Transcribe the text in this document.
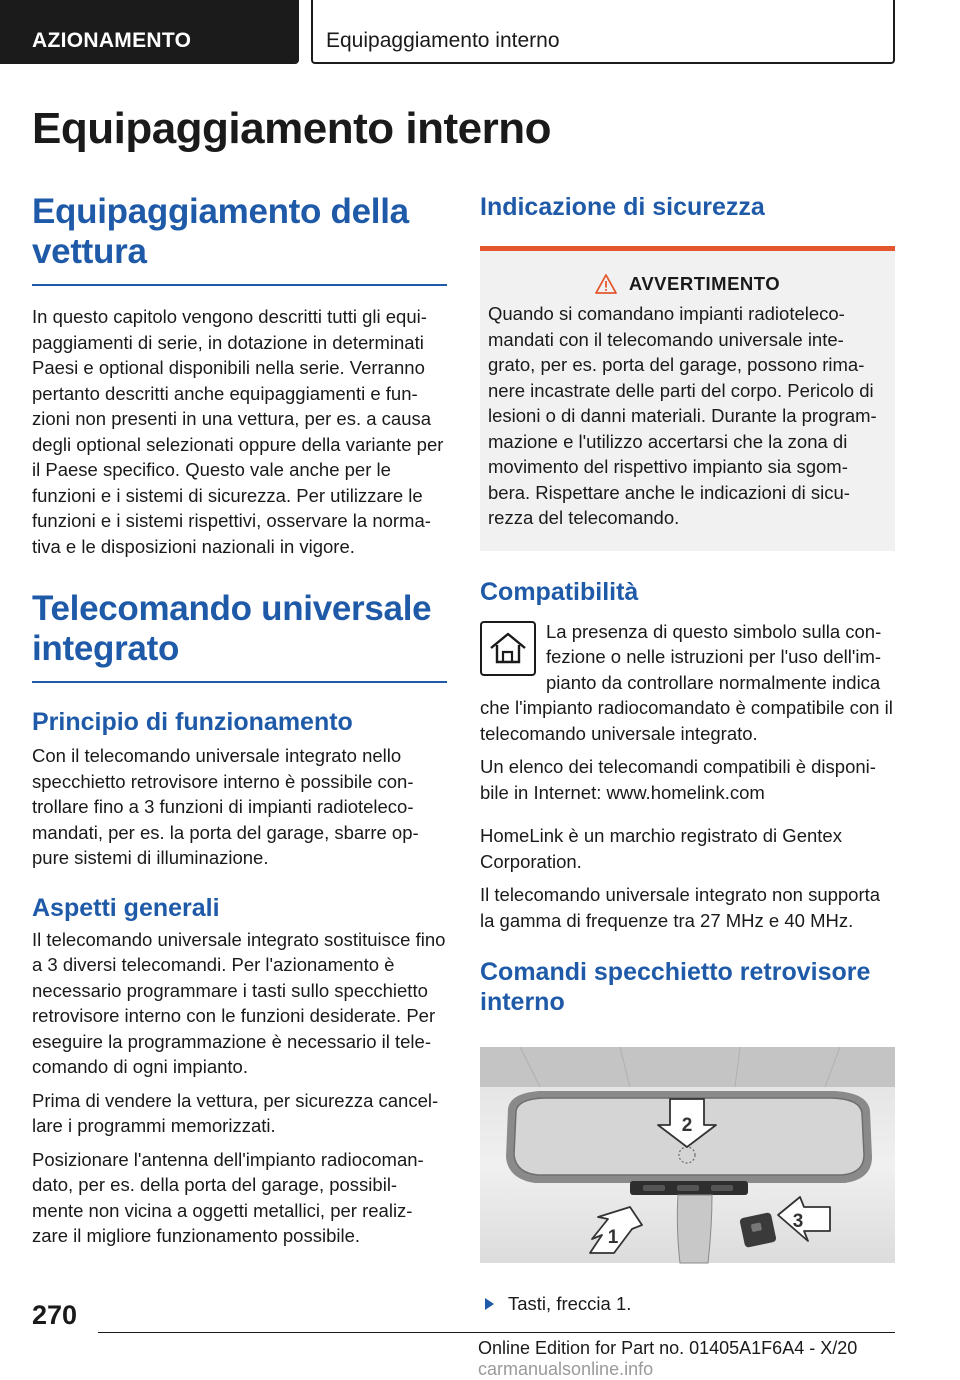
AZIONAMENTO	Equipaggiamento interno
Equipaggiamento interno
Equipaggiamento della vettura
In questo capitolo vengono descritti tutti gli equi-paggiamenti di serie, in dotazione in determinati Paesi e optional disponibili nella serie. Verranno pertanto descritti anche equipaggiamenti e fun-zioni non presenti in una vettura, per es. a causa degli optional selezionati oppure della variante per il Paese specifico. Questo vale anche per le funzioni e i sistemi di sicurezza. Per utilizzare le funzioni e i sistemi rispettivi, osservare la norma-tiva e le disposizioni nazionali in vigore.
Telecomando universale integrato
Principio di funzionamento
Con il telecomando universale integrato nello specchietto retrovisore interno è possibile con-trollare fino a 3 funzioni di impianti radioteleco-mandati, per es. la porta del garage, sbarre op-pure sistemi di illuminazione.
Aspetti generali
Il telecomando universale integrato sostituisce fino a 3 diversi telecomandi. Per l'azionamento è necessario programmare i tasti sullo specchietto retrovisore interno con le funzioni desiderate. Per eseguire la programmazione è necessario il tele-comando di ogni impianto.
Prima di vendere la vettura, per sicurezza cancel-lare i programmi memorizzati.
Posizionare l'antenna dell'impianto radiocoman-dato, per es. della porta del garage, possibil-mente non vicina a oggetti metallici, per realiz-zare il migliore funzionamento possibile.
Indicazione di sicurezza
AVVERTIMENTO
Quando si comandano impianti radioteleco-mandati con il telecomando universale inte-grato, per es. porta del garage, possono rima-nere incastrate delle parti del corpo. Pericolo di lesioni o di danni materiali. Durante la program-mazione e l'utilizzo accertarsi che la zona di movimento del rispettivo impianto sia sgom-bera. Rispettare anche le indicazioni di sicu-rezza del telecomando.
Compatibilità
La presenza di questo simbolo sulla con-fezione o nelle istruzioni per l'uso dell'im-pianto da controllare normalmente indica che l'impianto radiocomandato è compatibile con il telecomando universale integrato.
Un elenco dei telecomandi compatibili è disponi-bile in Internet: www.homelink.com
HomeLink è un marchio registrato di Gentex Corporation.
Il telecomando universale integrato non supporta la gamma di frequenze tra 27 MHz e 40 MHz.
Comandi specchietto retrovisore interno
2
1
3
Tasti, freccia 1.
270
Online Edition for Part no. 01405A1F6A4 - X/20 carmanualsonline.info
